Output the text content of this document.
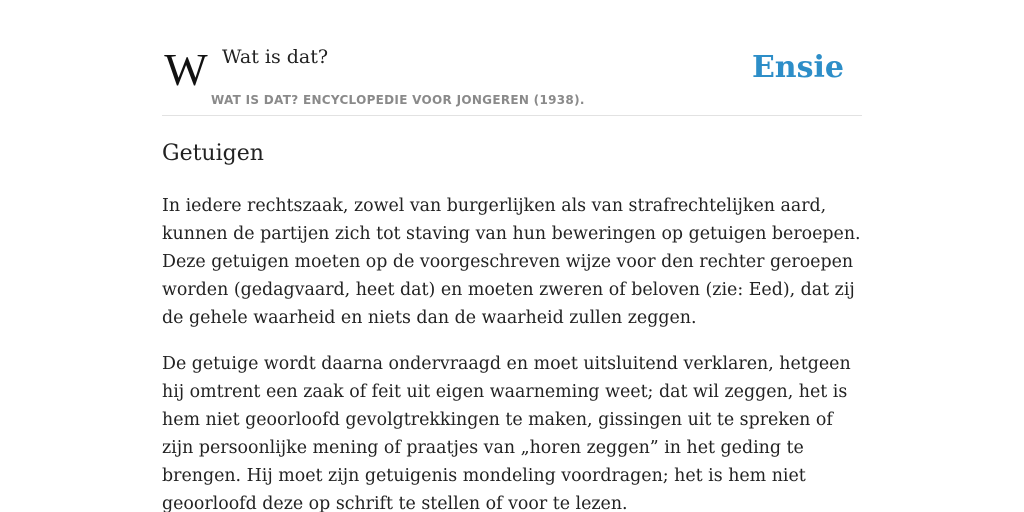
W Wat is dat?
WAT IS DAT? ENCYCLOPEDIE VOOR JONGEREN (1938).
Ensie
Getuigen

In iedere rechtszaak, zowel van burgerlijken als van strafrechtelijken aard, kunnen de partijen zich tot staving van hun beweringen op getuigen beroepen. Deze getuigen moeten op de voorgeschreven wijze voor den rechter geroepen worden (gedagvaard, heet dat) en moeten zweren of beloven (zie: Eed), dat zij de gehele waarheid en niets dan de waarheid zullen zeggen.

De getuige wordt daarna ondervraagd en moet uitsluitend verklaren, hetgeen hij omtrent een zaak of feit uit eigen waarneming weet; dat wil zeggen, het is hem niet geoorloofd gevolgtrekkingen te maken, gissingen uit te spreken of zijn persoonlijke mening of praatjes van „horen zeggen” in het geding te brengen. Hij moet zijn getuigenis mondeling voordragen; het is hem niet geoorloofd deze op schrift te stellen of voor te lezen.
